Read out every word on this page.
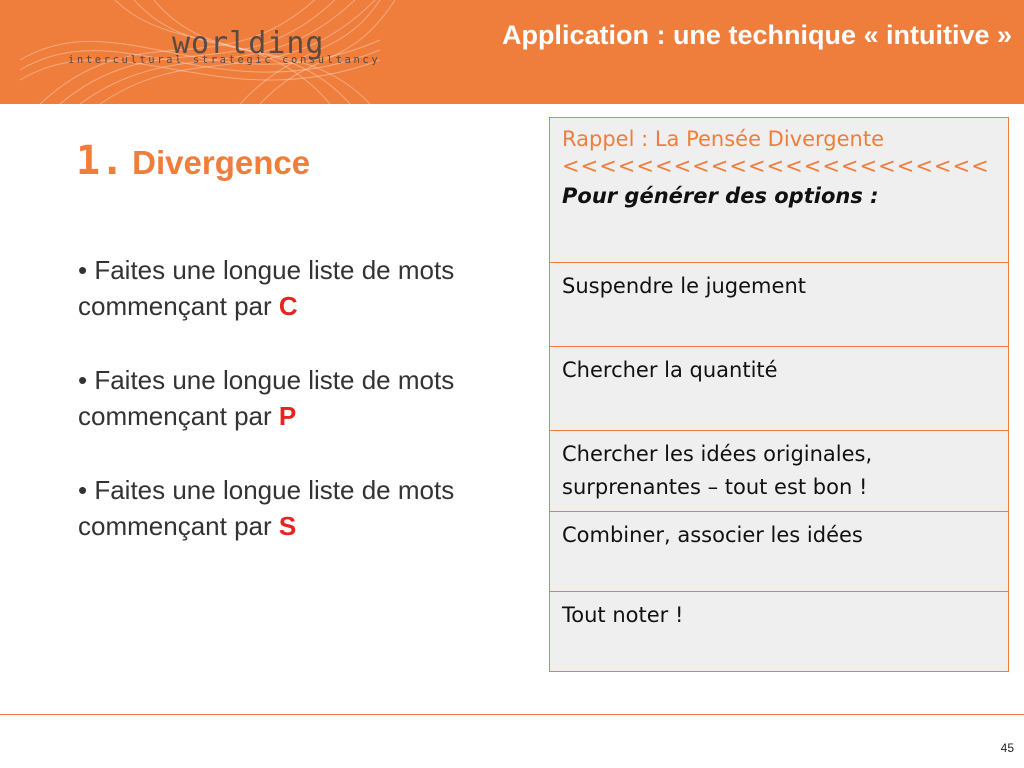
worlding
intercultural strategic consultancy
Application : une technique « intuitive »
1. Divergence
• Faites une longue liste de mots commençant par C
• Faites une longue liste de mots commençant par P
• Faites une longue liste de mots commençant par S
Rappel : La Pensée Divergente
<<<<<<<<<<<<<<<<<<<<<<<
Pour générer des options :

Suspendre le jugement
Chercher la quantité
Chercher les idées originales, surprenantes – tout est bon !
Combiner, associer les idées
Tout noter !
45
